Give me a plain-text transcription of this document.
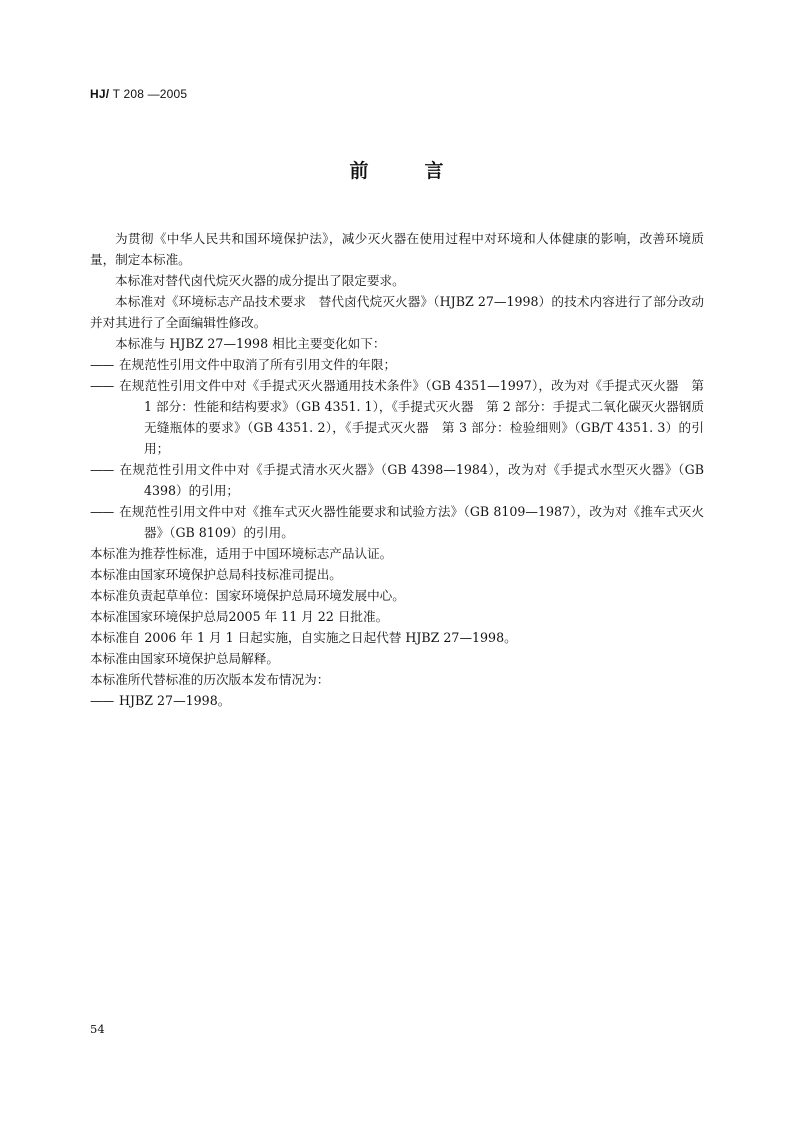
HJ/ T 208 —2005
前言

为贯彻《中华人民共和国环境保护法》，减少灭火器在使用过程中对环境和人体健康的影响，改善环境质量，制定本标准。

本标准对替代卤代烷灭火器的成分提出了限定要求。

本标准对《环境标志产品技术要求　替代卤代烷灭火器》（HJBZ 27—1998）的技术内容进行了部分改动并对其进行了全面编辑性修改。

本标准与 HJBZ 27—1998 相比主要变化如下：

—— 在规范性引用文件中取消了所有引用文件的年限；

—— 在规范性引用文件中对《手提式灭火器通用技术条件》（GB 4351—1997），改为对《手提式灭火器　第 1 部分：性能和结构要求》（GB 4351. 1），《手提式灭火器　第 2 部分：手提式二氧化碳灭火器钢质无缝瓶体的要求》（GB 4351. 2），《手提式灭火器　第 3 部分：检验细则》（GB/T 4351. 3）的引用；

—— 在规范性引用文件中对《手提式清水灭火器》（GB 4398—1984），改为对《手提式水型灭火器》（GB 4398）的引用；

—— 在规范性引用文件中对《推车式灭火器性能要求和试验方法》（GB 8109—1987），改为对《推车式灭火器》（GB 8109）的引用。

本标准为推荐性标准，适用于中国环境标志产品认证。

本标准由国家环境保护总局科技标准司提出。

本标准负责起草单位：国家环境保护总局环境发展中心。

本标准国家环境保护总局2005 年 11 月 22 日批准。

本标准自 2006 年 1 月 1 日起实施，自实施之日起代替 HJBZ 27—1998。

本标准由国家环境保护总局解释。

本标准所代替标准的历次版本发布情况为：

—— HJBZ 27—1998。

54
